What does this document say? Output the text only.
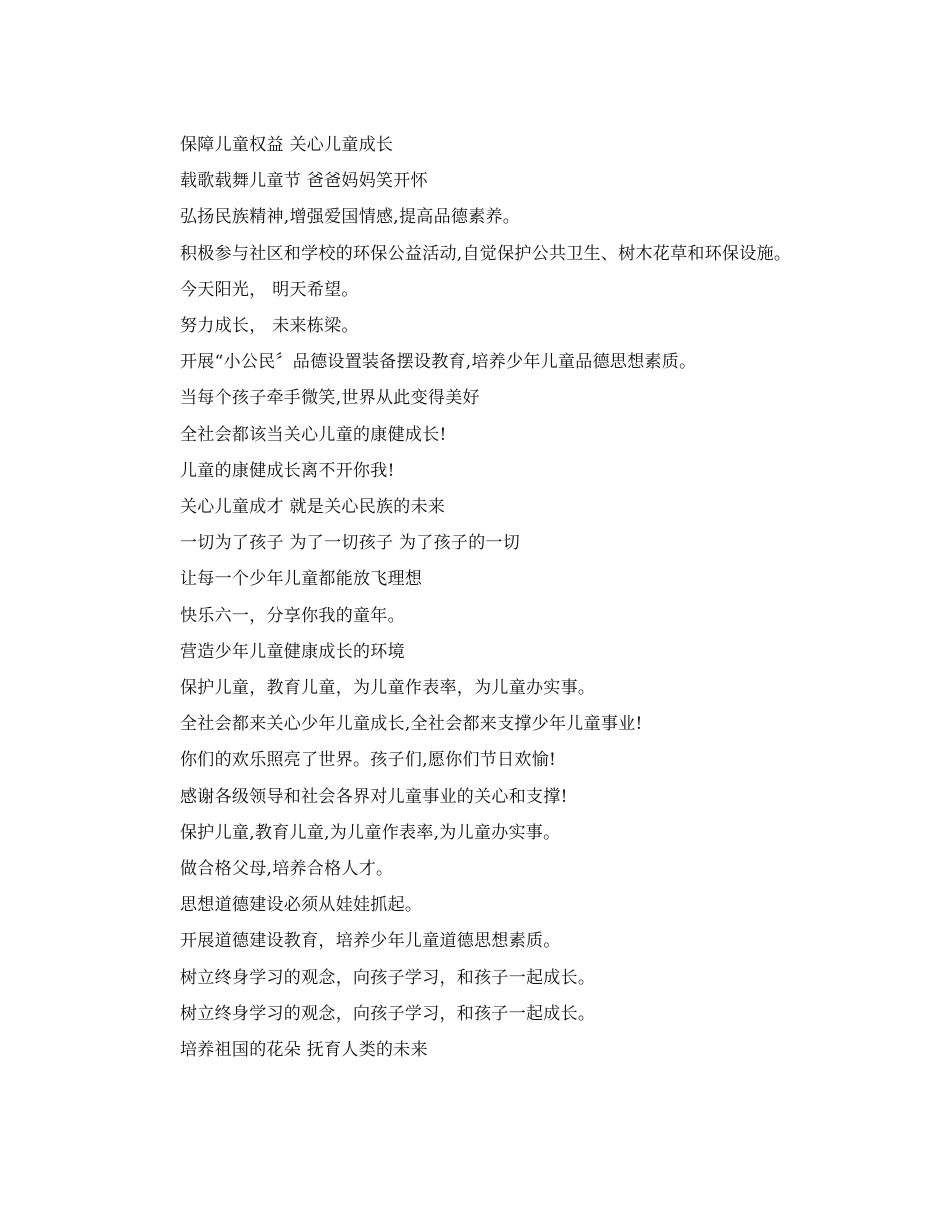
保障儿童权益 关心儿童成长

载歌载舞儿童节 爸爸妈妈笑开怀

弘扬民族精神,增强爱国情感,提高品德素养。

积极参与社区和学校的环保公益活动,自觉保护公共卫生、树木花草和环保设施。

今天阳光， 明天希望。

努力成长， 未来栋梁。

开展“小公民〞品德设置装备摆设教育,培养少年儿童品德思想素质。

当每个孩子牵手微笑,世界从此变得美好

全社会都该当关心儿童的康健成长!

儿童的康健成长离不开你我!

关心儿童成才 就是关心民族的未来

一切为了孩子 为了一切孩子 为了孩子的一切

让每一个少年儿童都能放飞理想

快乐六一，分享你我的童年。

营造少年儿童健康成长的环境

保护儿童，教育儿童，为儿童作表率，为儿童办实事。

全社会都来关心少年儿童成长,全社会都来支撑少年儿童事业!

你们的欢乐照亮了世界。孩子们,愿你们节日欢愉!

感谢各级领导和社会各界对儿童事业的关心和支撑!

保护儿童,教育儿童,为儿童作表率,为儿童办实事。

做合格父母,培养合格人才。

思想道德建设必须从娃娃抓起。

开展道德建设教育，培养少年儿童道德思想素质。

树立终身学习的观念，向孩子学习，和孩子一起成长。

树立终身学习的观念，向孩子学习，和孩子一起成长。

培养祖国的花朵 抚育人类的未来
